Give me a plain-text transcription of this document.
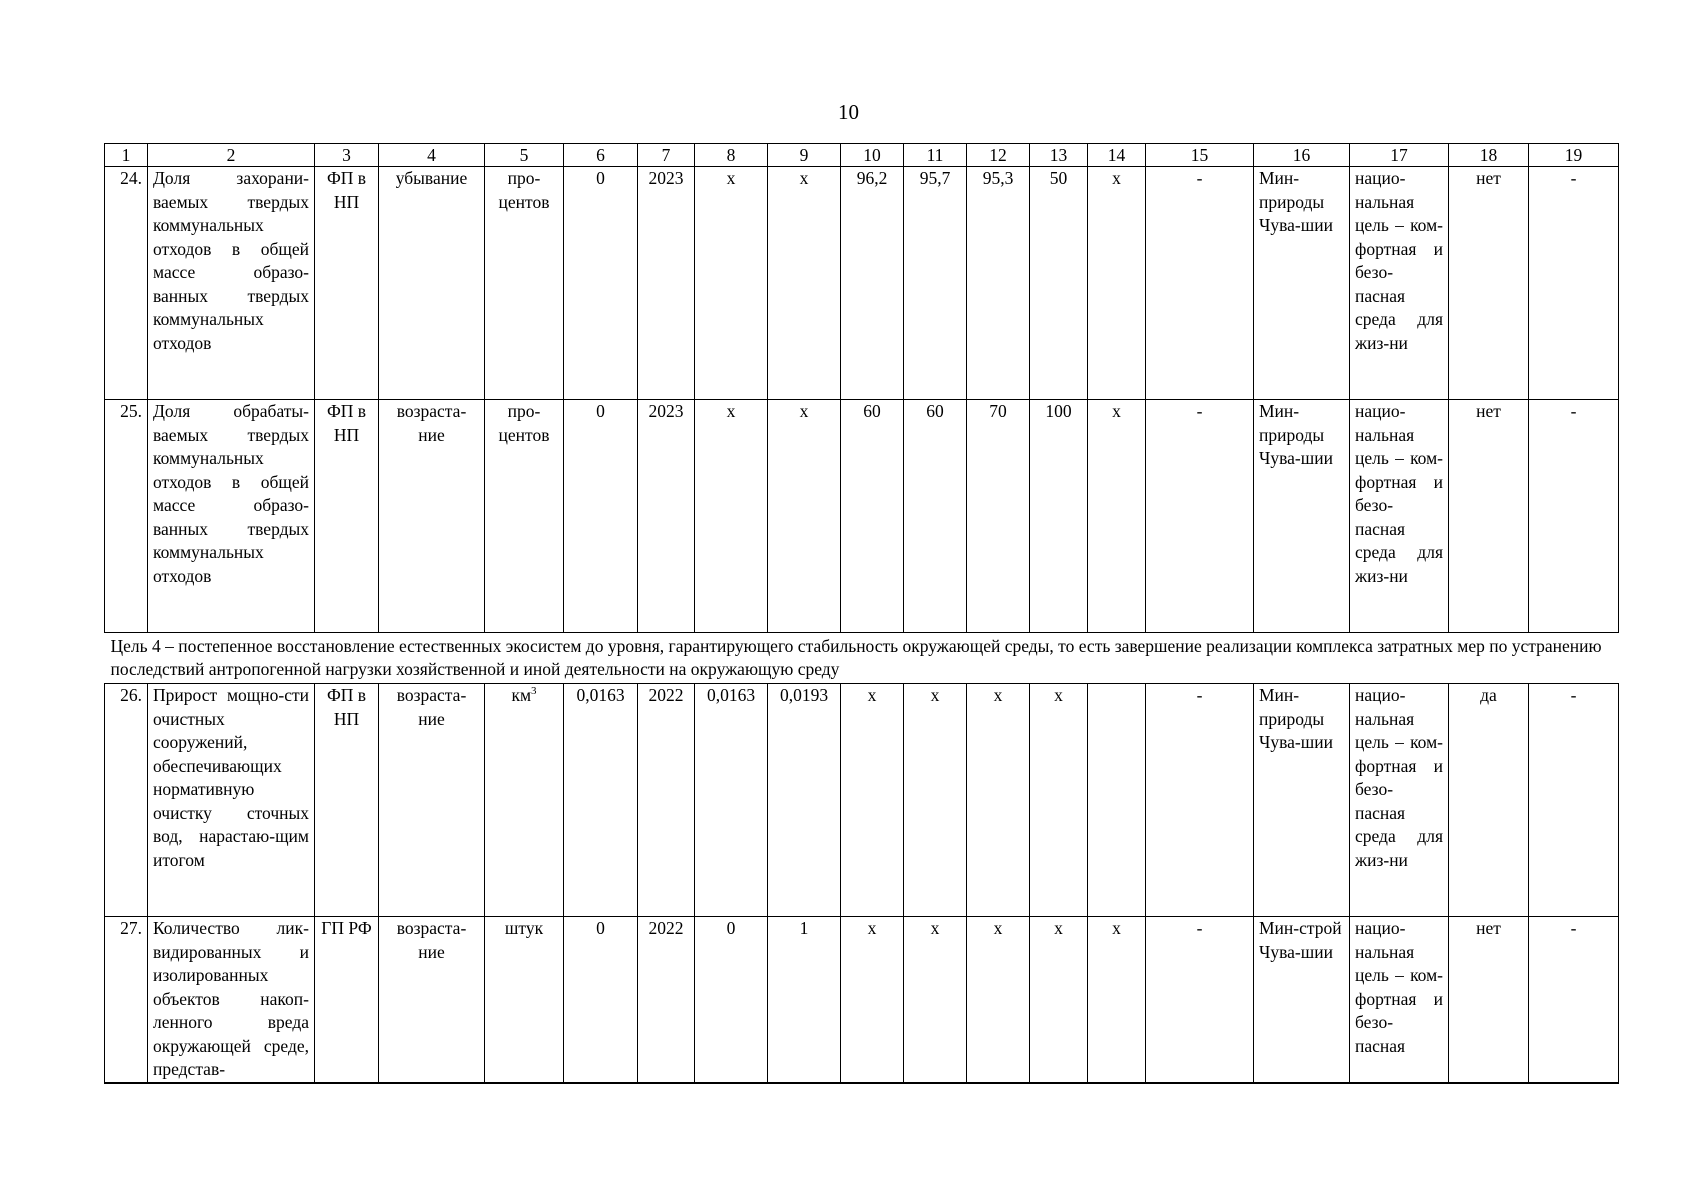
10
1	2	3	4	5	6	7	8	9	10	11	12	13	14	15	16	17	18	19
24.	Доля захорани-ваемых твердых коммунальных отходов в общей массе образо-ванных твердых коммунальных отходов	ФП в НП	убывание	про-центов	0	2023	x	x	96,2	95,7	95,3	50	x	-	Мин-природы Чува-шии	нацио-нальная цель – ком-фортная и безо-пасная среда для жиз-ни	нет	-
25.	Доля обрабаты-ваемых твердых коммунальных отходов в общей массе образо-ванных твердых коммунальных отходов	ФП в НП	возраста-ние	про-центов	0	2023	x	x	60	60	70	100	x	-	Мин-природы Чува-шии	нацио-нальная цель – ком-фортная и безо-пасная среда для жиз-ни	нет	-
Цель 4 – постепенное восстановление естественных экосистем до уровня, гарантирующего стабильность окружающей среды, то есть завершение реализации комплекса затратных мер по устранению последствий антропогенной нагрузки хозяйственной и иной деятельности на окружающую среду																		
26.	Прирост мощно-сти очистных сооружений, обеспечивающих нормативную очистку сточных вод, нарастаю-щим итогом	ФП в НП	возраста-ние	$км^3$	0,0163	2022	0,0163	0,0193	x	x	x	x		-	Мин-природы Чува-шии	нацио-нальная цель – ком-фортная и безо-пасная среда для жиз-ни	да	-
27.	Количество лик-видированных и изолированных объектов накоп-ленного вреда окружающей среде, представ-	ГП РФ	возраста-ние	штук	0	2022	0	1	x	x	x	x	x	-	Мин-строй Чува-шии	нацио-нальная цель – ком-фортная и безо-пасная	нет	-
